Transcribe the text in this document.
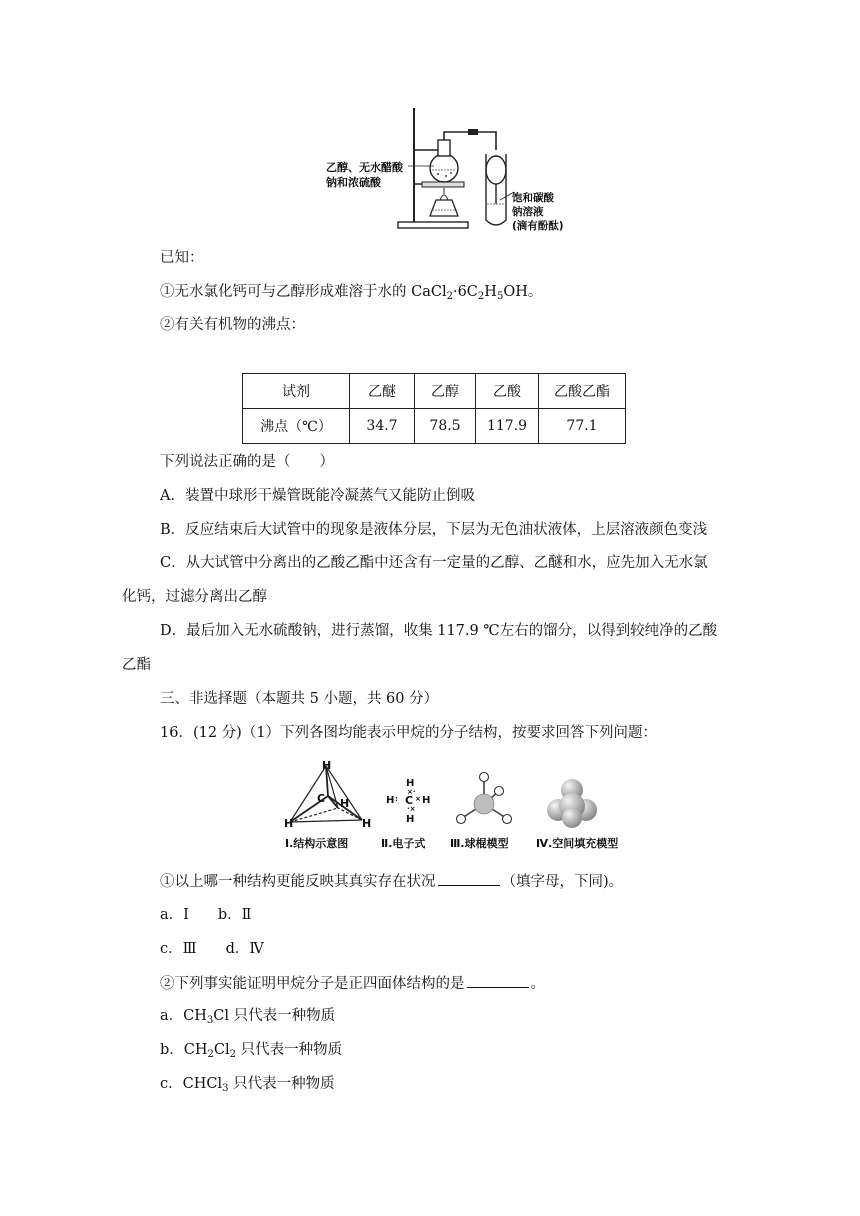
乙醇、无水醋酸
钠和浓硫酸
饱和碳酸
钠溶液
(滴有酚酞)
已知：
①无水氯化钙可与乙醇形成难溶于水的 $CaCl_2\cdot 6C_2H_5OH$。
②有关有机物的沸点：
试剂	乙醚	乙醇	乙酸	乙酸乙酯
沸点（℃）	34.7	78.5	117.9	77.1
下列说法正确的是（　　）
A．装置中球形干燥管既能冷凝蒸气又能防止倒吸
B．反应结束后大试管中的现象是液体分层，下层为无色油状液体，上层溶液颜色变浅
C．从大试管中分离出的乙酸乙酯中还含有一定量的乙醇、乙醚和水，应先加入无水氯
化钙，过滤分离出乙醇
D．最后加入无水硫酸钠，进行蒸馏，收集 117.9 ℃左右的馏分，以得到较纯净的乙酸
乙酯
三、非选择题（本题共 5 小题，共 60 分）
16．(12 分)（1）下列各图均能表示甲烷的分子结构，按要求回答下列问题：
H
C H
H	H
Ⅰ.结构示意图
H
×·
H : C × H
·×
H
Ⅱ.电子式 Ⅲ.球棍模型 Ⅳ.空间填充模型
①以上哪一种结构更能反映其真实存在状况	（填字母，下同)。
a．Ⅰ　　b．Ⅱ
c．Ⅲ　　d．Ⅳ
②下列事实能证明甲烷分子是正四面体结构的是	。
a．$CH_3Cl$ 只代表一种物质
b．$CH_2Cl_2$ 只代表一种物质
c．CHCl$_3$ 只代表一种物质
